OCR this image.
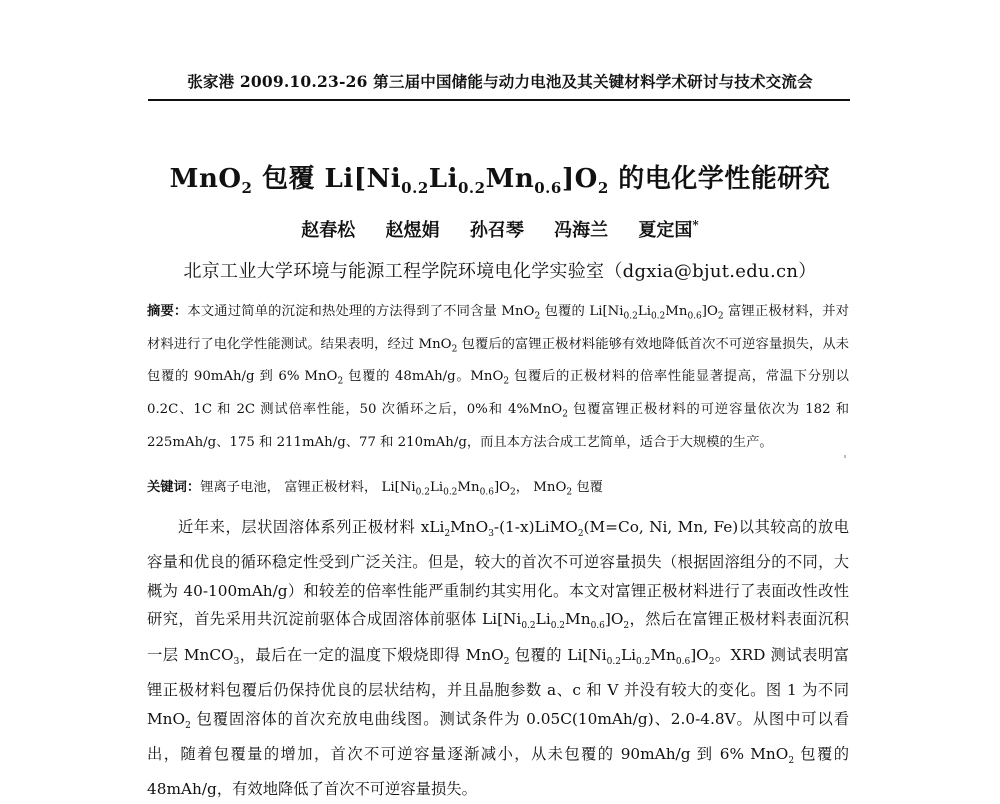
张家港 2009.10.23-26 第三届中国储能与动力电池及其关键材料学术研讨与技术交流会
MnO$_2$ 包覆 $Li[Ni_{0.2}Li_{0.2}Mn_{0.6}]O_2$ 的电化学性能研究
赵春松 赵煜娟 孙召琴 冯海兰 夏定国*
北京工业大学环境与能源工程学院环境电化学实验室（dgxia@bjut.edu.cn）
摘要：本文通过简单的沉淀和热处理的方法得到了不同含量 MnO$_2$ 包覆的 $Li[Ni_{0.2}Li_{0.2}Mn_{0.6}]O_2$ 富锂正极材料，并对材料进行了电化学性能测试。结果表明，经过 MnO$_2$ 包覆后的富锂正极材料能够有效地降低首次不可逆容量损失，从未包覆的 90mAh/g 到 6% MnO$_2$ 包覆的 48mAh/g。MnO$_2$ 包覆后的正极材料的倍率性能显著提高，常温下分别以 0.2C、1C 和 2C 测试倍率性能，50 次循环之后，0%和 4%MnO$_2$ 包覆富锂正极材料的可逆容量依次为 182 和 225mAh/g、175 和 211mAh/g、77 和 210mAh/g，而且本方法合成工艺简单，适合于大规模的生产。
关键词：锂离子电池， 富锂正极材料， $Li[Ni_{0.2}Li_{0.2}Mn_{0.6}]O_2$， MnO$_2$ 包覆
近年来，层状固溶体系列正极材料 xLi$_2$MnO$_3$-(1-x)LiMO$_2$(M=Co, Ni, Mn, Fe)以其较高的放电容量和优良的循环稳定性受到广泛关注。但是，较大的首次不可逆容量损失（根据固溶组分的不同，大概为 40-100mAh/g）和较差的倍率性能严重制约其实用化。本文对富锂正极材料进行了表面改性改性研究，首先采用共沉淀前驱体合成固溶体前驱体 $Li[Ni_{0.2}Li_{0.2}Mn_{0.6}]O_2$，然后在富锂正极材料表面沉积一层 MnCO$_3$，最后在一定的温度下煅烧即得 MnO$_2$ 包覆的 $Li[Ni_{0.2}Li_{0.2}Mn_{0.6}]O_2$。XRD 测试表明富锂正极材料包覆后仍保持优良的层状结构，并且晶胞参数 a、c 和 V 并没有较大的变化。图 1 为不同 MnO$_2$ 包覆固溶体的首次充放电曲线图。测试条件为 0.05C(10mAh/g)、2.0-4.8V。从图中可以看出，随着包覆量的增加，首次不可逆容量逐渐减小，从未包覆的 90mAh/g 到 6% MnO$_2$ 包覆的 48mAh/g，有效地降低了首次不可逆容量损失。
